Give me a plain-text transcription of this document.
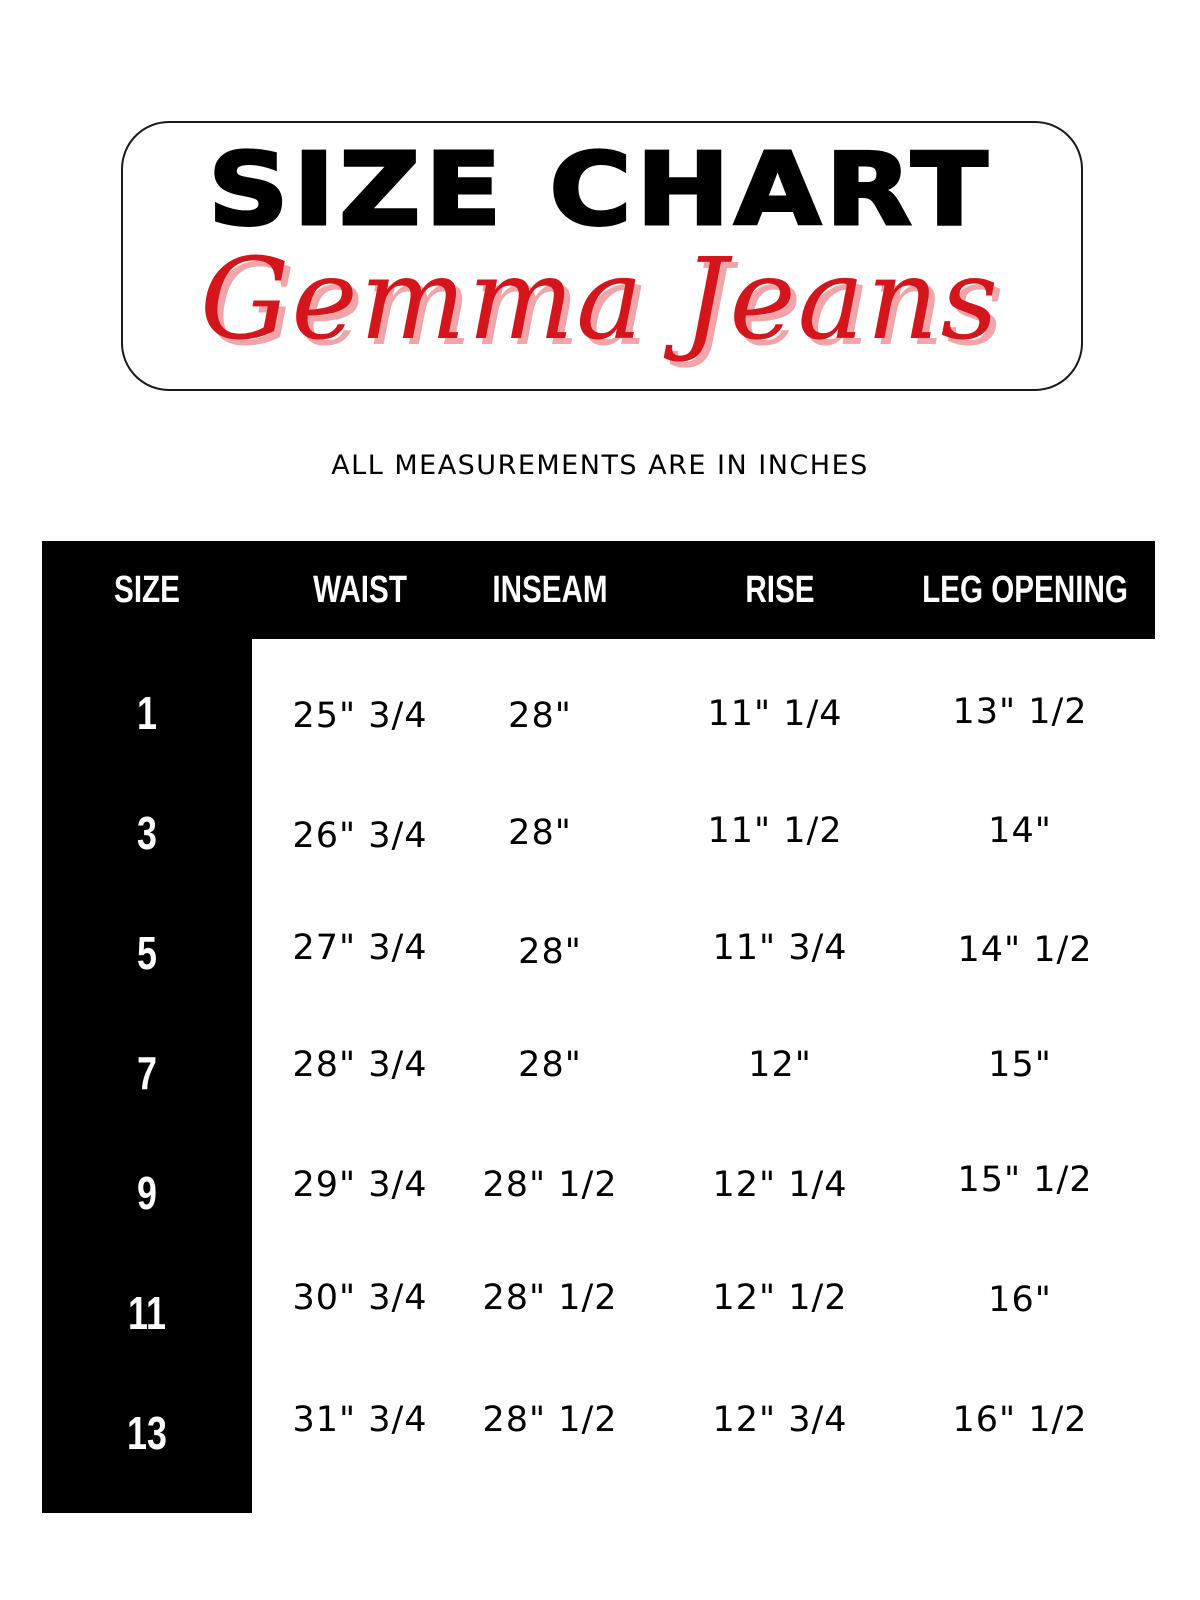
SIZE CHART
Gemma Jeans
ALL MEASUREMENTS ARE IN INCHES
SIZE	WAIST	INSEAM	RISE	LEG OPENING
1	25" 3/4	28"	11" 1/4	13" 1/2
3	26" 3/4	28"	11" 1/2	14"
5	27" 3/4	28"	11" 3/4	14" 1/2
7	28" 3/4	28"	12"	15"
9	29" 3/4	28" 1/2	12" 1/4	15" 1/2
11	30" 3/4	28" 1/2	12" 1/2	16"
13	31" 3/4	28" 1/2	12" 3/4	16" 1/2
